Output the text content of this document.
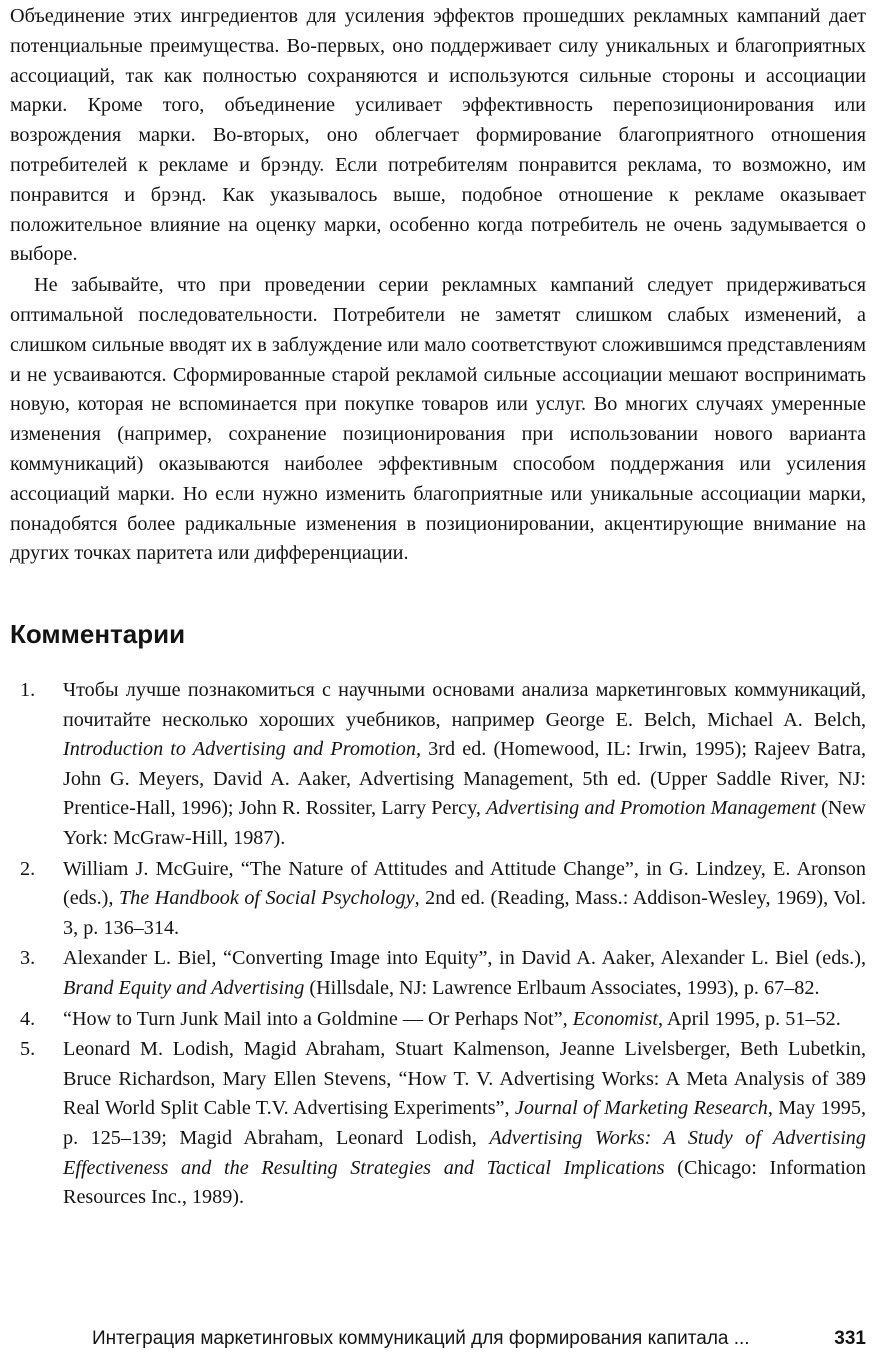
Объединение этих ингредиентов для усиления эффектов прошедших рекламных кампаний дает потенциальные преимущества. Во-первых, оно поддерживает силу уникальных и благоприятных ассоциаций, так как полностью сохраняются и используются сильные стороны и ассоциации марки. Кроме того, объединение усиливает эффективность перепозиционирования или возрождения марки. Во-вторых, оно облегчает формирование благоприятного отношения потребителей к рекламе и брэнду. Если потребителям понравится реклама, то возможно, им понравится и брэнд. Как указывалось выше, подобное отношение к рекламе оказывает положительное влияние на оценку марки, особенно когда потребитель не очень задумывается о выборе.

Не забывайте, что при проведении серии рекламных кампаний следует придерживаться оптимальной последовательности. Потребители не заметят слишком слабых изменений, а слишком сильные вводят их в заблуждение или мало соответствуют сложившимся представлениям и не усваиваются. Сформированные старой рекламой сильные ассоциации мешают воспринимать новую, которая не вспоминается при покупке товаров или услуг. Во многих случаях умеренные изменения (например, сохранение позиционирования при использовании нового варианта коммуникаций) оказываются наиболее эффективным способом поддержания или усиления ассоциаций марки. Но если нужно изменить благоприятные или уникальные ассоциации марки, понадобятся более радикальные изменения в позиционировании, акцентирующие внимание на других точках паритета или дифференциации.

Комментарии
1.	Чтобы лучше познакомиться с научными основами анализа маркетинговых коммуникаций, почитайте несколько хороших учебников, например George E. Belch, Michael A. Belch, Introduction to Advertising and Promotion, 3rd ed. (Homewood, IL: Irwin, 1995); Rajeev Batra, John G. Meyers, David A. Aaker, Advertising Management, 5th ed. (Upper Saddle River, NJ: Prentice-Hall, 1996); John R. Rossiter, Larry Percy, Advertising and Promotion Management (New York: McGraw-Hill, 1987).
2.	William J. McGuire, “The Nature of Attitudes and Attitude Change”, in G. Lindzey, E. Aronson (eds.), The Handbook of Social Psychology, 2nd ed. (Reading, Mass.: Addison-Wesley, 1969), Vol. 3, p. 136–314.
3.	Alexander L. Biel, “Converting Image into Equity”, in David A. Aaker, Alexander L. Biel (eds.), Brand Equity and Advertising (Hillsdale, NJ: Lawrence Erlbaum Associates, 1993), p. 67–82.
4.	“How to Turn Junk Mail into a Goldmine — Or Perhaps Not”, Economist, April 1995, p. 51–52.
5.	Leonard M. Lodish, Magid Abraham, Stuart Kalmenson, Jeanne Livelsberger, Beth Lubetkin, Bruce Richardson, Mary Ellen Stevens, “How T. V. Advertising Works: A Meta Analysis of 389 Real World Split Cable T.V. Advertising Experiments”, Journal of Marketing Research, May 1995, p. 125–139; Magid Abraham, Leonard Lodish, Advertising Works: A Study of Advertising Effectiveness and the Resulting Strategies and Tactical Implications (Chicago: Information Resources Inc., 1989).
Интеграция маркетинговых коммуникаций для формирования капитала ...	331
